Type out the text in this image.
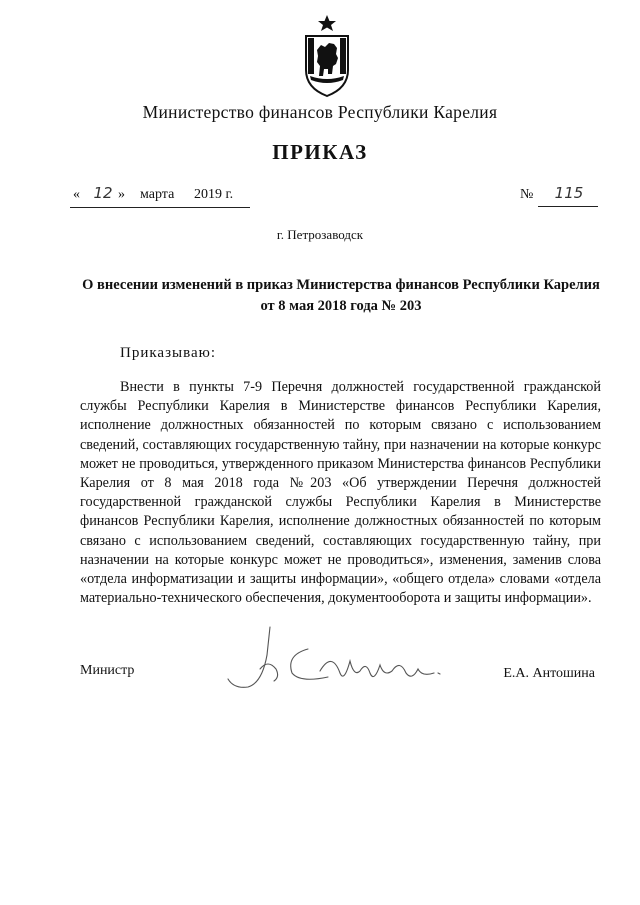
Министерство финансов Республики Карелия
ПРИКАЗ
« 12 » марта 2019 г.	№	115
г. Петрозаводск
О внесении изменений в приказ Министерства финансов Республики Карелия от 8 мая 2018 года № 203
Приказываю:

Внести в пункты 7-9 Перечня должностей государственной гражданской службы Республики Карелия в Министерстве финансов Республики Карелия, исполнение должностных обязанностей по которым связано с использованием сведений, составляющих государственную тайну, при назначении на которые конкурс может не проводиться, утвержденного приказом Министерства финансов Республики Карелия от 8 мая 2018 года №203 «Об утверждении Перечня должностей государственной гражданской службы Республики Карелия в Министерстве финансов Республики Карелия, исполнение должностных обязанностей по которым связано с использованием сведений, составляющих государственную тайну, при назначении на которые конкурс может не проводиться», изменения, заменив слова «отдела информатизации и защиты информации», «общего отдела» словами «отдела материально-технического обеспечения, документооборота и защиты информации».

Министр	Е.А. Антошина
